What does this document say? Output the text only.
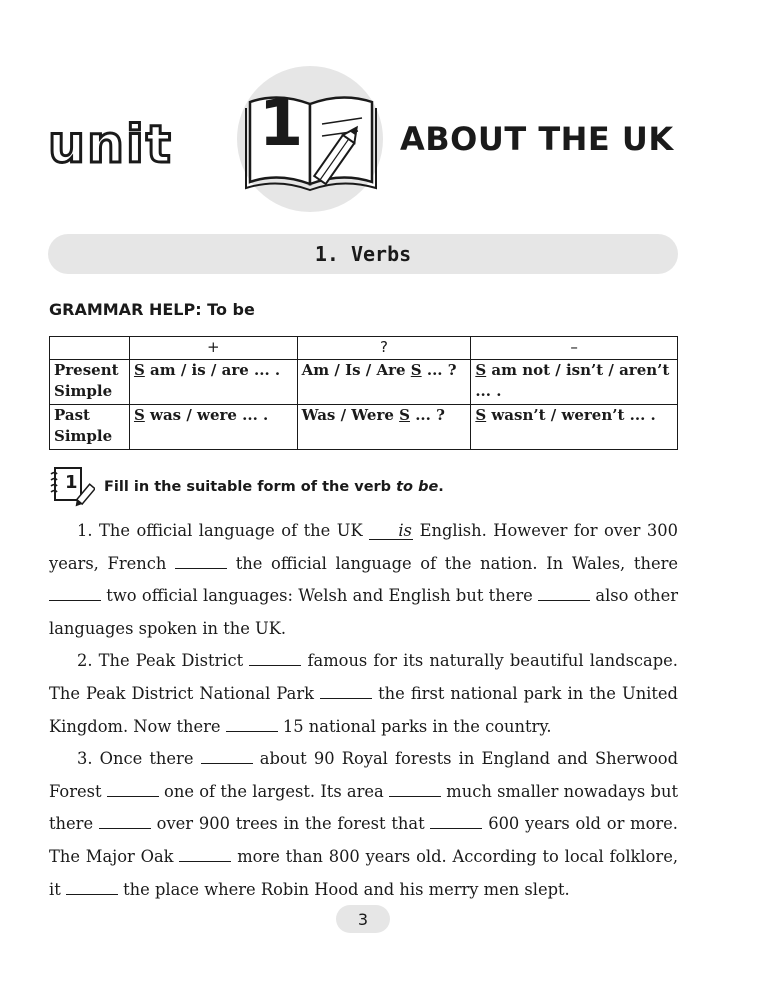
unit 1	ABOUT THE UK
1. Verbs
GRAMMAR HELP: To be
	+	?	–
Present
Simple	S am / is / are ... .	Am / Is / Are S ... ?	S am not / isn’t / aren’t ... .
Past
Simple	S was / were ... .	Was / Were S ... ?	S wasn’t / weren’t ... .
1 Fill in the suitable form of the verb to be.

1. The official language of the UK is English. However for over 300 years, French	the official language of the nation. In Wales, there  two official languages: Welsh and English but there	also other languages spoken in the UK.

2. The Peak District	famous for its naturally beautiful landscape. The Peak District National Park	the first national park in the United Kingdom. Now there	15 national parks in the country.

3. Once there	about 90 Royal forests in England and Sherwood Forest	one of the largest. Its area	much smaller nowadays but there	over 900 trees in the forest that	600 years old or more. The Major Oak	more than 800 years old. According to local folklore, it	the place where Robin Hood and his merry men slept.

3
